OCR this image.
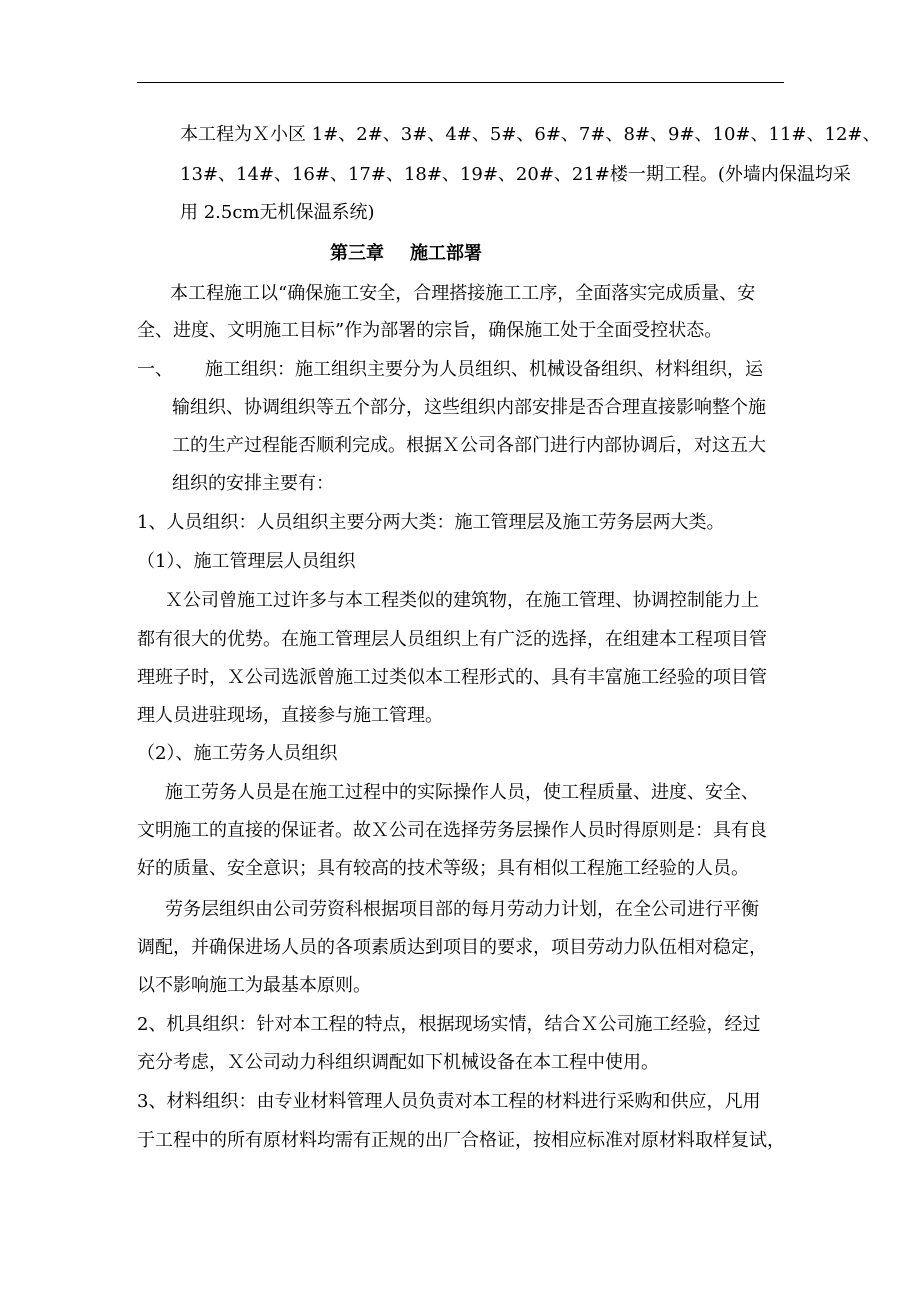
本工程为Ｘ小区 1#、2#、3#、4#、5#、6#、7#、8#、9#、10#、11#、12#、
13#、14#、16#、17#、18#、19#、20#、21#楼一期工程。(外墙内保温均采
用 2.5cm无机保温系统)
第三章 施工部署
本工程施工以“确保施工安全，合理搭接施工工序，全面落实完成质量、安
全、进度、文明施工目标”作为部署的宗旨，确保施工处于全面受控状态。
一、 施工组织：施工组织主要分为人员组织、机械设备组织、材料组织，运
输组织、协调组织等五个部分，这些组织内部安排是否合理直接影响整个施
工的生产过程能否顺利完成。根据Ｘ公司各部门进行内部协调后，对这五大
组织的安排主要有：
1、人员组织：人员组织主要分两大类：施工管理层及施工劳务层两大类。
（1）、施工管理层人员组织
Ｘ公司曾施工过许多与本工程类似的建筑物，在施工管理、协调控制能力上
都有很大的优势。在施工管理层人员组织上有广泛的选择，在组建本工程项目管
理班子时，Ｘ公司选派曾施工过类似本工程形式的、具有丰富施工经验的项目管
理人员进驻现场，直接参与施工管理。
（2）、施工劳务人员组织
施工劳务人员是在施工过程中的实际操作人员，使工程质量、进度、安全、
文明施工的直接的保证者。故Ｘ公司在选择劳务层操作人员时得原则是：具有良
好的质量、安全意识；具有较高的技术等级；具有相似工程施工经验的人员。
劳务层组织由公司劳资科根据项目部的每月劳动力计划，在全公司进行平衡
调配，并确保进场人员的各项素质达到项目的要求，项目劳动力队伍相对稳定，
以不影响施工为最基本原则。
2、机具组织：针对本工程的特点，根据现场实情，结合Ｘ公司施工经验，经过
充分考虑，Ｘ公司动力科组织调配如下机械设备在本工程中使用。
3、材料组织：由专业材料管理人员负责对本工程的材料进行采购和供应，凡用
于工程中的所有原材料均需有正规的出厂合格证，按相应标准对原材料取样复试，
